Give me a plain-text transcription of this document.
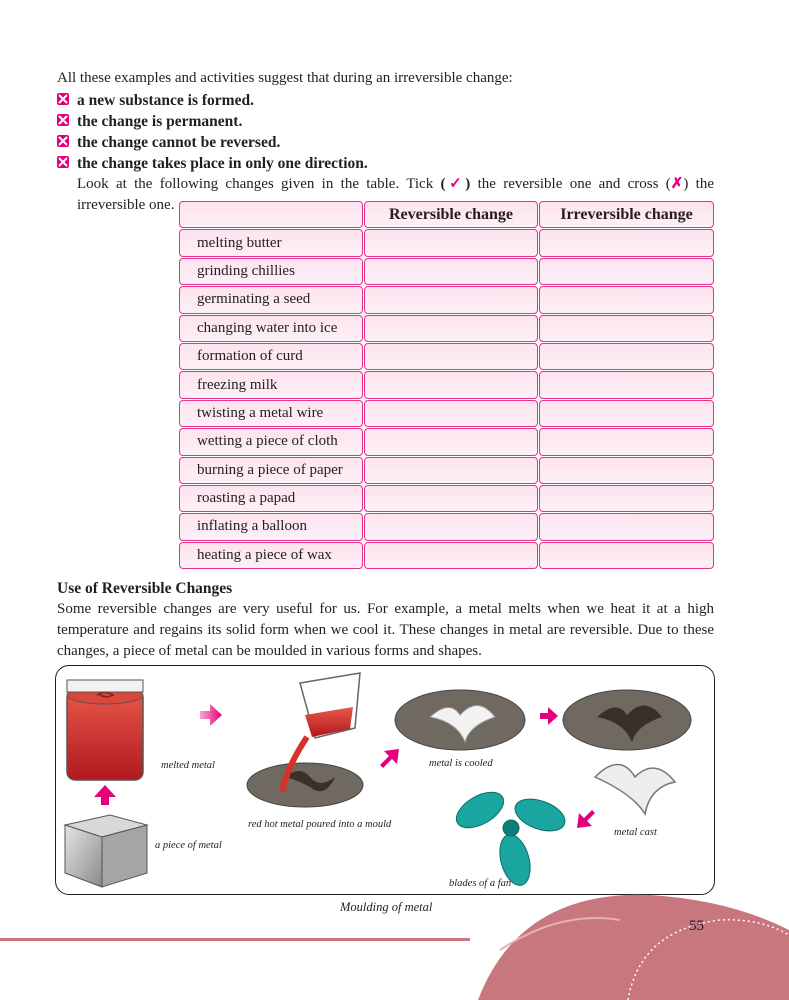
All these examples and activities suggest that during an irreversible change:
a new substance is formed.
the change is permanent.
the change cannot be reversed.
the change takes place in only one direction.
Look at the following changes given in the table. Tick (✓) the reversible one and cross (✗) the irreversible one.
Reversible change	Irreversible change
melting butter
grinding chillies
germinating a seed
changing water into ice
formation of curd
freezing milk
twisting a metal wire
wetting a piece of cloth
burning a piece of paper
roasting a papad
inflating a balloon
heating a piece of wax
Use of Reversible Changes
Some reversible changes are very useful for us. For example, a metal melts when we heat it at a high temperature and regains its solid form when we cool it. These changes in metal are reversible. Due to these changes, a piece of metal can be moulded in various forms and shapes.
melted metal
a piece of metal
red hot metal poured into a mould
metal is cooled
metal cast
blades of a fan
Moulding of metal
55
